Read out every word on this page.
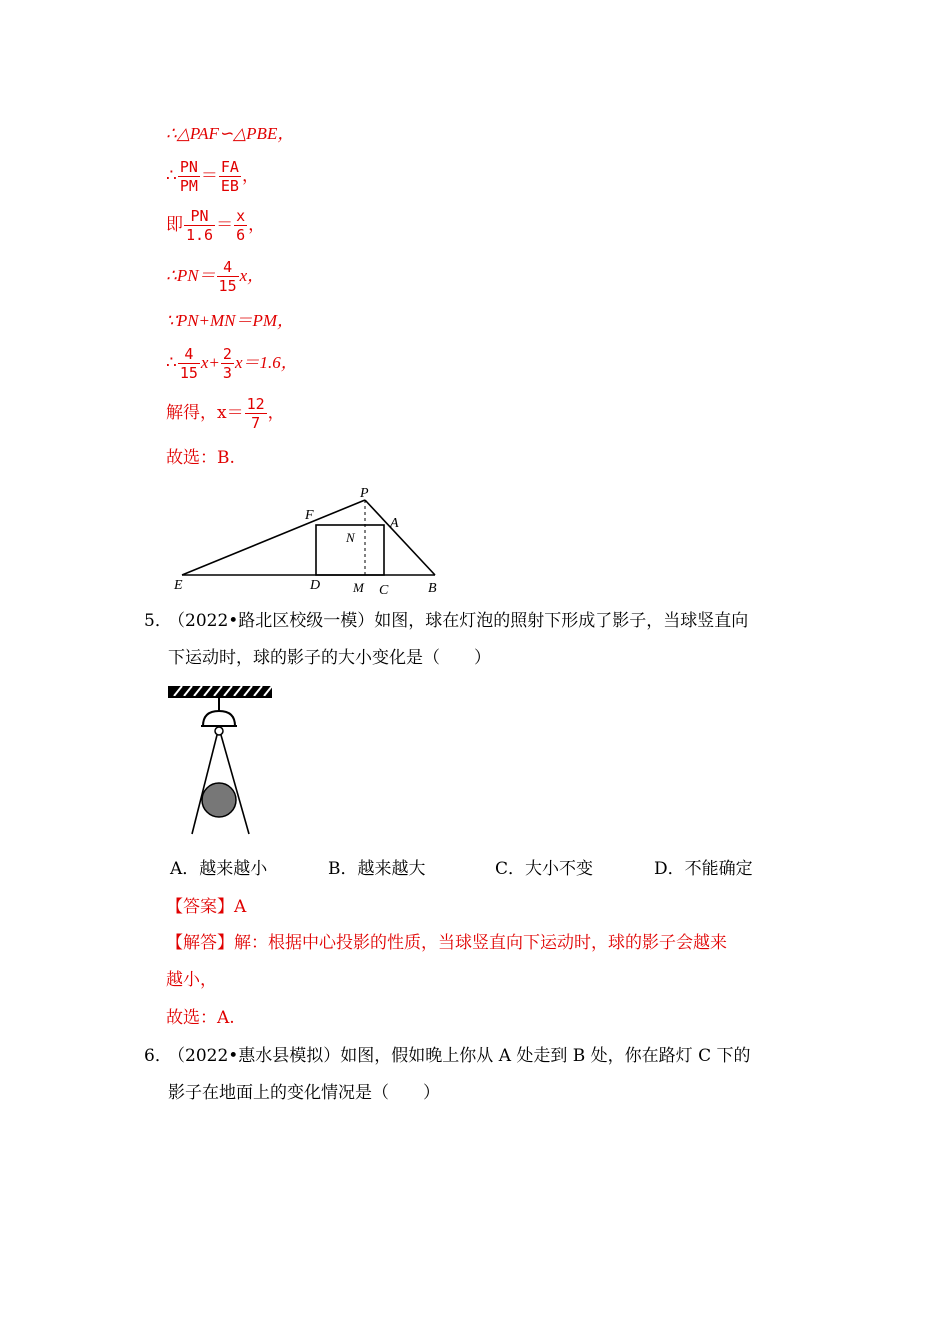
∴△PAF∽△PBE，
∴ $\frac{PN}{PM} = \frac{FA}{EB}$ ，
即 $\frac{PN}{1.6} = \frac{x}{6}$ ，
∴PN＝ $\frac{4}{15}$ x，
∵PN+MN＝PM，
∴ $\frac{4}{15} x+ \frac{2}{3} x=1.6$，
解得，$x= \frac{12}{7}$ ，
故选：B.
P
F
A
N
E	D	M C	B
5．
（2022•路北区校级一模）如图，球在灯泡的照射下形成了影子，当球竖直向
下运动时，球的影子的大小变化是（　　）
A．越来越小	B．越来越大	C．大小不变	D．不能确定
【答案】A
【解答】解：根据中心投影的性质，当球竖直向下运动时，球的影子会越来
越小，
故选：A.
6．
（2022•惠水县模拟）如图，假如晚上你从 A 处走到 B 处，你在路灯 C 下的
影子在地面上的变化情况是（　　）
